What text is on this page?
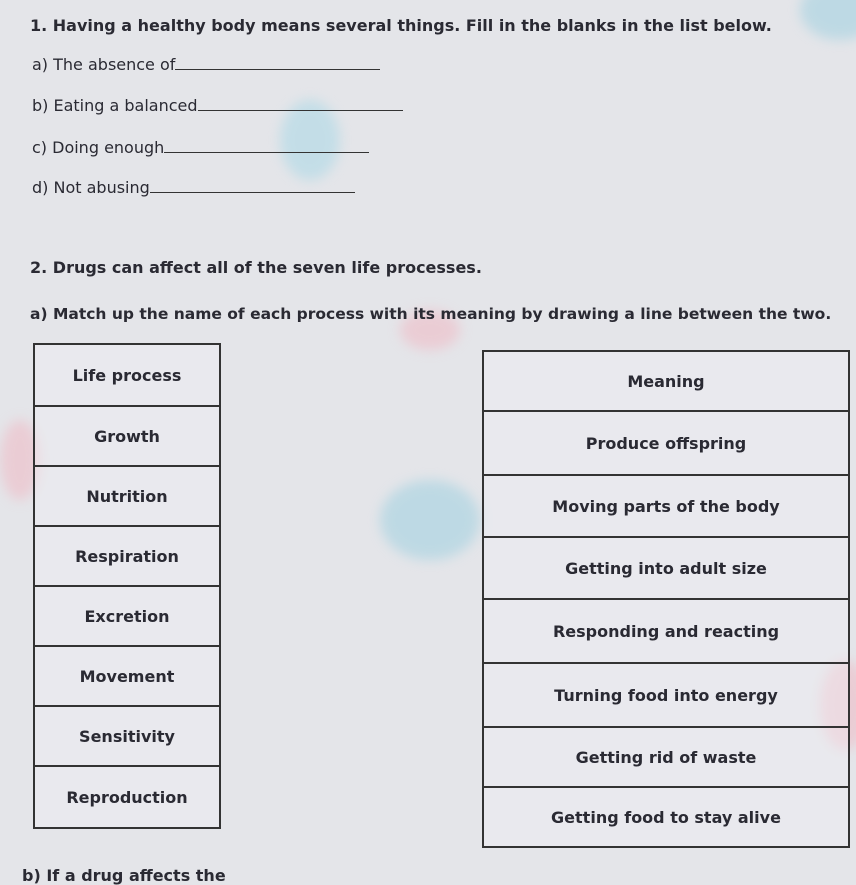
1. Having a healthy body means several things. Fill in the blanks in the list below.
a) The absence of
b) Eating a balanced
c) Doing enough
d) Not abusing
2. Drugs can affect all of the seven life processes.
a) Match up the name of each process with its meaning by drawing a line between the two.
Life process
Growth
Nutrition
Respiration
Excretion
Movement
Sensitivity
Reproduction
Meaning
Produce offspring
Moving parts of the body
Getting into adult size
Responding and reacting
Turning food into energy
Getting rid of waste
Getting food to stay alive
b) If a drug affects the
